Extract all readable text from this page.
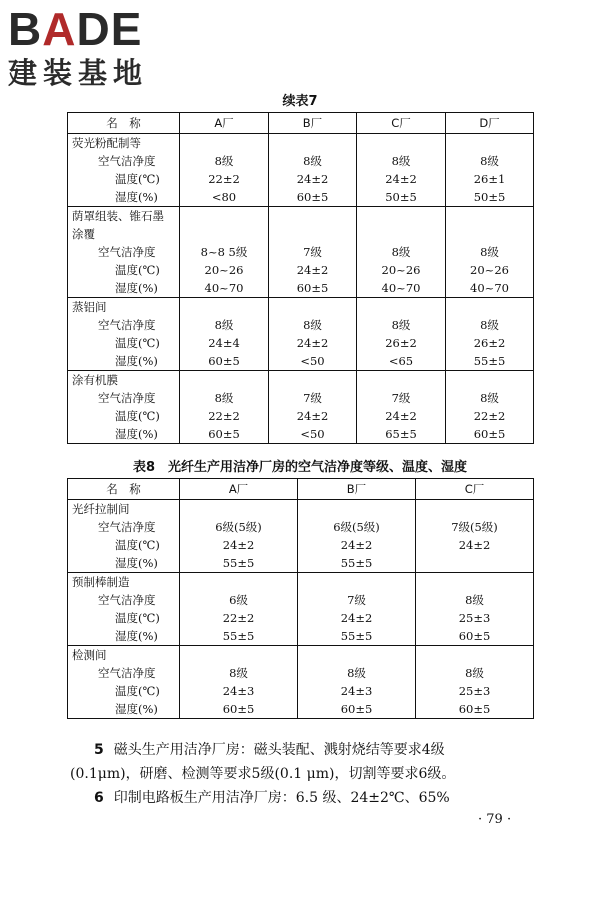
BADE
建装基地
续表7
名　称	A厂	B厂	C厂	D厂
荧光粉配制等				
空气洁净度	8级	8级	8级	8级
温度(℃)	22±2	24±2	24±2	26±1
湿度(%)	<80	60±5	50±5	50±5
荫罩组装、锥石墨				
涂覆				
空气洁净度	8~8 5级	7级	8级	8级
温度(℃)	20~26	24±2	20~26	20~26
湿度(%)	40~70	60±5	40~70	40~70
蒸铝间				
空气洁净度	8级	8级	8级	8级
温度(℃)	24±4	24±2	26±2	26±2
湿度(%)	60±5	<50	<65	55±5
涂有机膜				
空气洁净度	8级	7级	7级	8级
温度(℃)	22±2	24±2	24±2	22±2
湿度(%)	60±5	<50	65±5	60±5
表8　光纤生产用洁净厂房的空气洁净度等级、温度、湿度
名　称	A厂	B厂	C厂
光纤拉制间			
空气洁净度	6级(5级)	6级(5级)	7级(5级)
温度(℃)	24±2	24±2	24±2
湿度(%)	55±5	55±5	
预制棒制造			
空气洁净度	6级	7级	8级
温度(℃)	22±2	24±2	25±3
湿度(%)	55±5	55±5	60±5
检测间			
空气洁净度	8级	8级	8级
温度(℃)	24±3	24±3	25±3
湿度(%)	60±5	60±5	60±5
5 磁头生产用洁净厂房：磁头装配、溅射烧结等要求4级
(0.1μm)，研磨、检测等要求5级(0.1 μm)，切割等要求6级。
6 印制电路板生产用洁净厂房：6.5 级、24±2℃、65%
· 79 ·
